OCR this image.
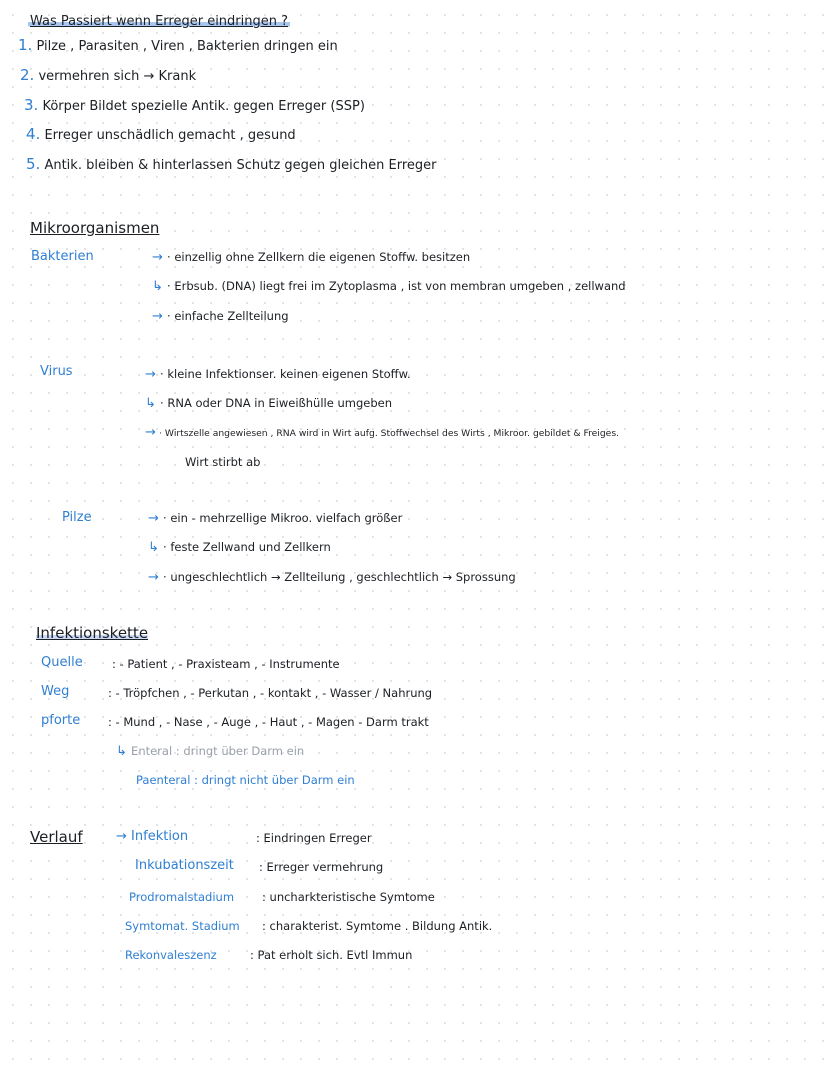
Was Passiert wenn Erreger eindringen ?
1. Pilze , Parasiten , Viren , Bakterien dringen ein
2. vermehren sich → Krank
3. Körper Bildet spezielle Antik. gegen Erreger (SSP)
4. Erreger unschädlich gemacht , gesund
5. Antik. bleiben & hinterlassen Schutz gegen gleichen Erreger
Mikroorganismen
Bakterien	→ · einzellig ohne Zellkern die eigenen Stoffw. besitzen
↳ · Erbsub. (DNA) liegt frei im Zytoplasma , ist von membran umgeben , zellwand
→ · einfache Zellteilung
Virus	→ · kleine Infektionser. keinen eigenen Stoffw.
↳ · RNA oder DNA in Eiweißhülle umgeben
→ · Wirtszelle angewiesen , RNA wird in Wirt aufg. Stoffwechsel des Wirts , Mikroor. gebildet & Freiges.
Wirt stirbt ab
Pilze	→ · ein - mehrzellige Mikroo. vielfach größer
↳ · feste Zellwand und Zellkern
→ · ungeschlechtlich → Zellteilung , geschlechtlich → Sprossung
Infektionskette
Quelle	: - Patient , - Praxisteam , - Instrumente
Weg	: - Tröpfchen , - Perkutan , - kontakt , - Wasser / Nahrung
pforte : - Mund , - Nase , - Auge , - Haut , - Magen - Darm trakt
↳ Enteral : dringt über Darm ein
Paenteral : dringt nicht über Darm ein
Verlauf	→ Infektion	: Eindringen Erreger
Inkubationszeit : Erreger vermehrung
Prodromalstadium : uncharkteristische Symtome
Symtomat. Stadium : charakterist. Symtome . Bildung Antik.
Rekonvaleszenz	: Pat erholt sich. Evtl Immun
